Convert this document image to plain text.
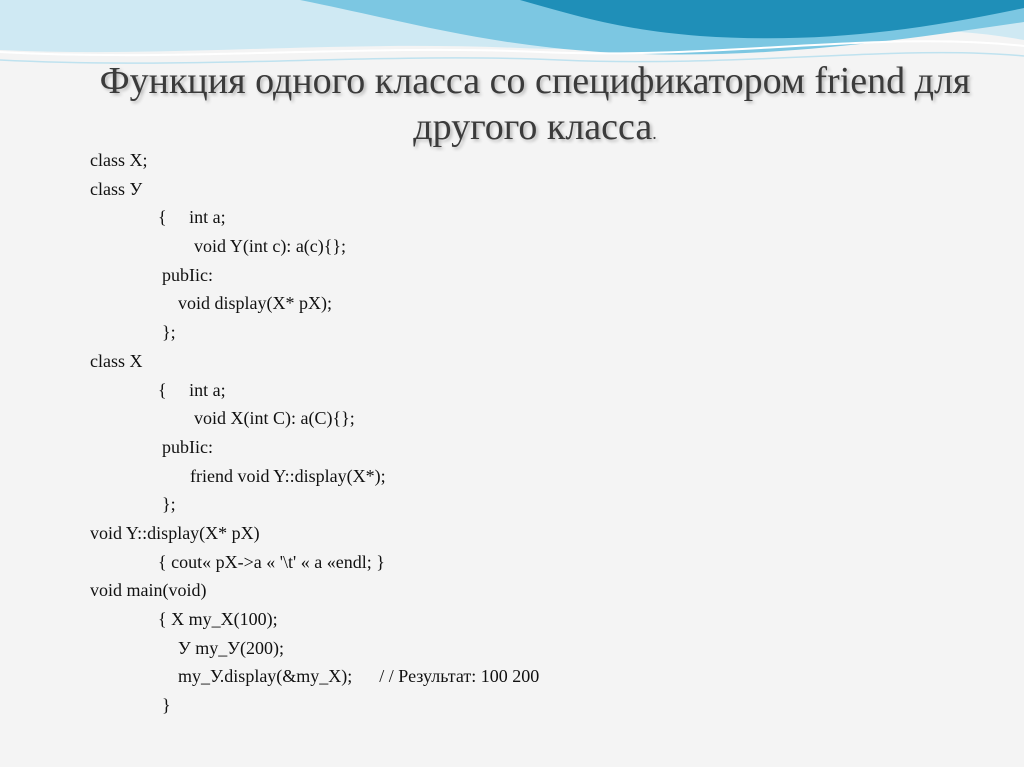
Функция одного класса со спецификатором friend для
другого класса.
class X;
class У
{     int a;
void Y(int c): a(c){};
pubIic:
void display(X* pX);
};
class X
{     int a;
void X(int C): a(C){};
pubIic:
friend void Y::display(X*);
};
void Y::display(X* pX)
{ cout« pX->a « '\t' « a «endl; }
void main(void)
{ X my_X(100);
У my_У(200);
my_У.display(&my_X);      / / Результат: 100 200
}
